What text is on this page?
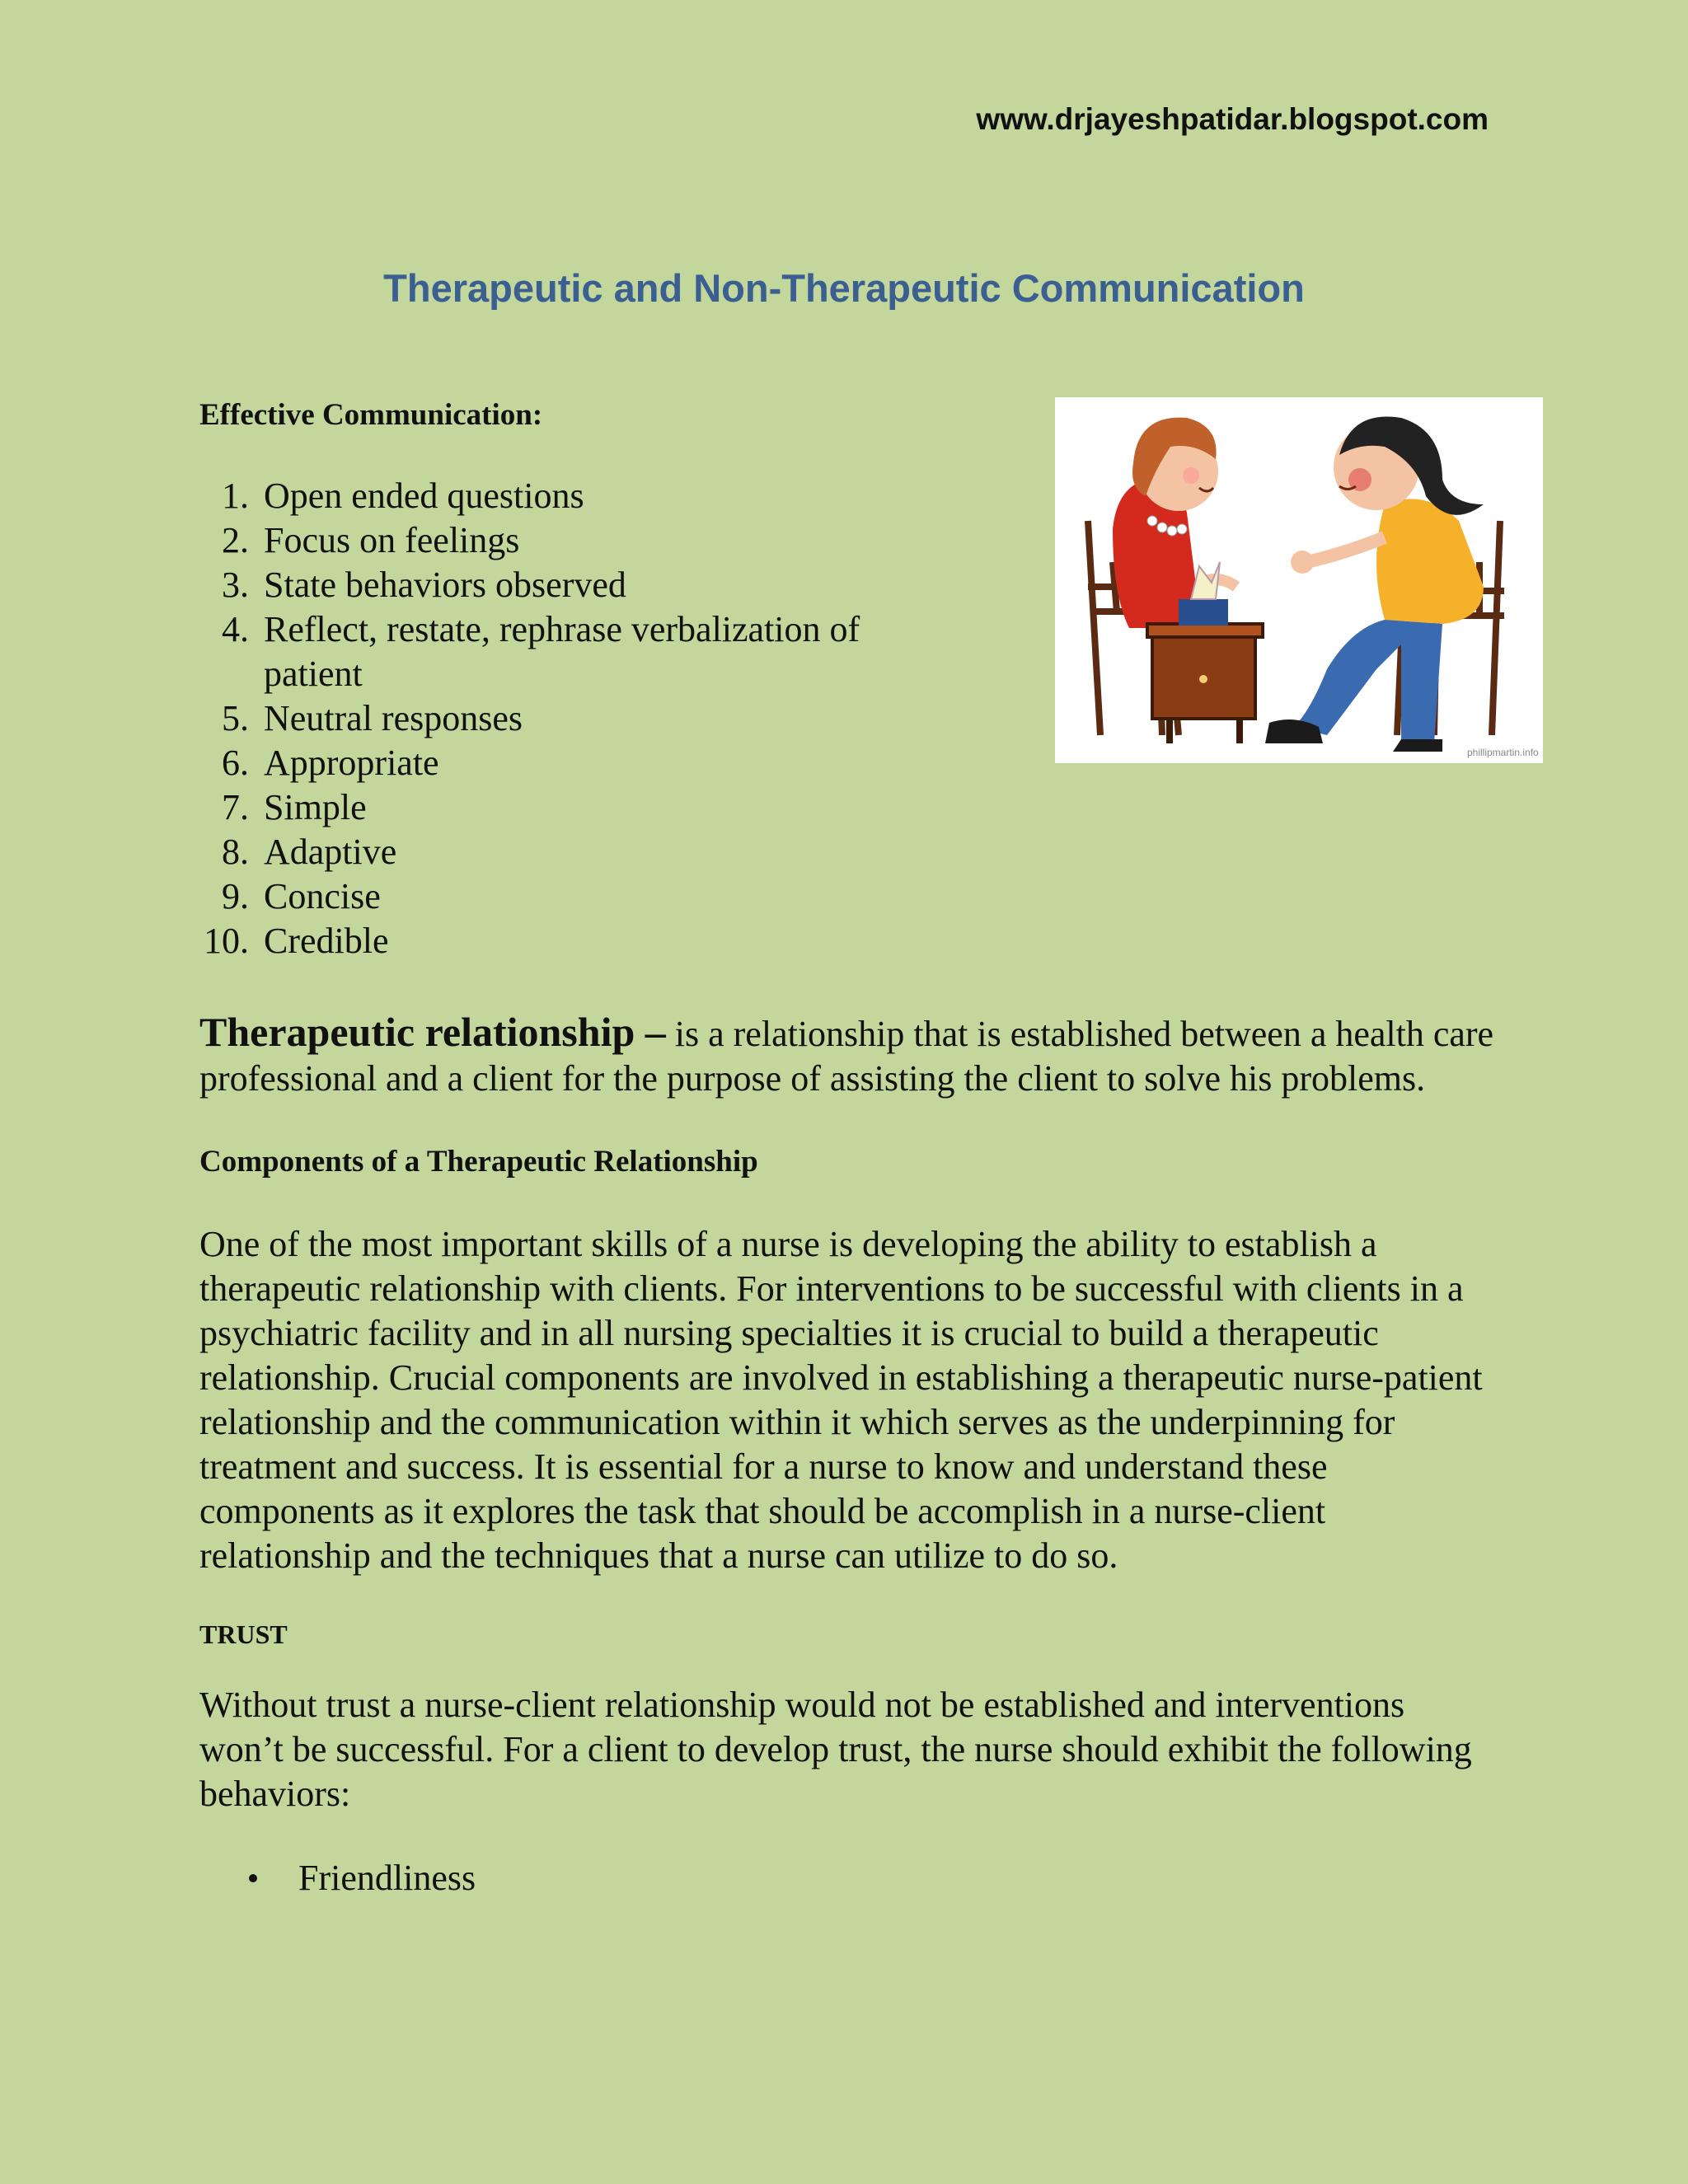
www.drjayeshpatidar.blogspot.com
Therapeutic and Non-Therapeutic Communication
phillipmartin.info

Effective Communication:

1. Open ended questions
2. Focus on feelings
3. State behaviors observed
4. Reflect, restate, rephrase verbalization of patient
5. Neutral responses
6. Appropriate
7. Simple
8. Adaptive
9. Concise
10. Credible

Therapeutic relationship – is a relationship that is established between a health care professional and a client for the purpose of assisting the client to solve his problems.

Components of a Therapeutic Relationship

One of the most important skills of a nurse is developing the ability to establish a therapeutic relationship with clients. For interventions to be successful with clients in a psychiatric facility and in all nursing specialties it is crucial to build a therapeutic relationship. Crucial components are involved in establishing a therapeutic nurse-patient relationship and the communication within it which serves as the underpinning for treatment and success. It is essential for a nurse to know and understand these components as it explores the task that should be accomplish in a nurse-client relationship and the techniques that a nurse can utilize to do so.

TRUST

Without trust a nurse-client relationship would not be established and interventions won’t be successful. For a client to develop trust, the nurse should exhibit the following behaviors:

Friendliness
